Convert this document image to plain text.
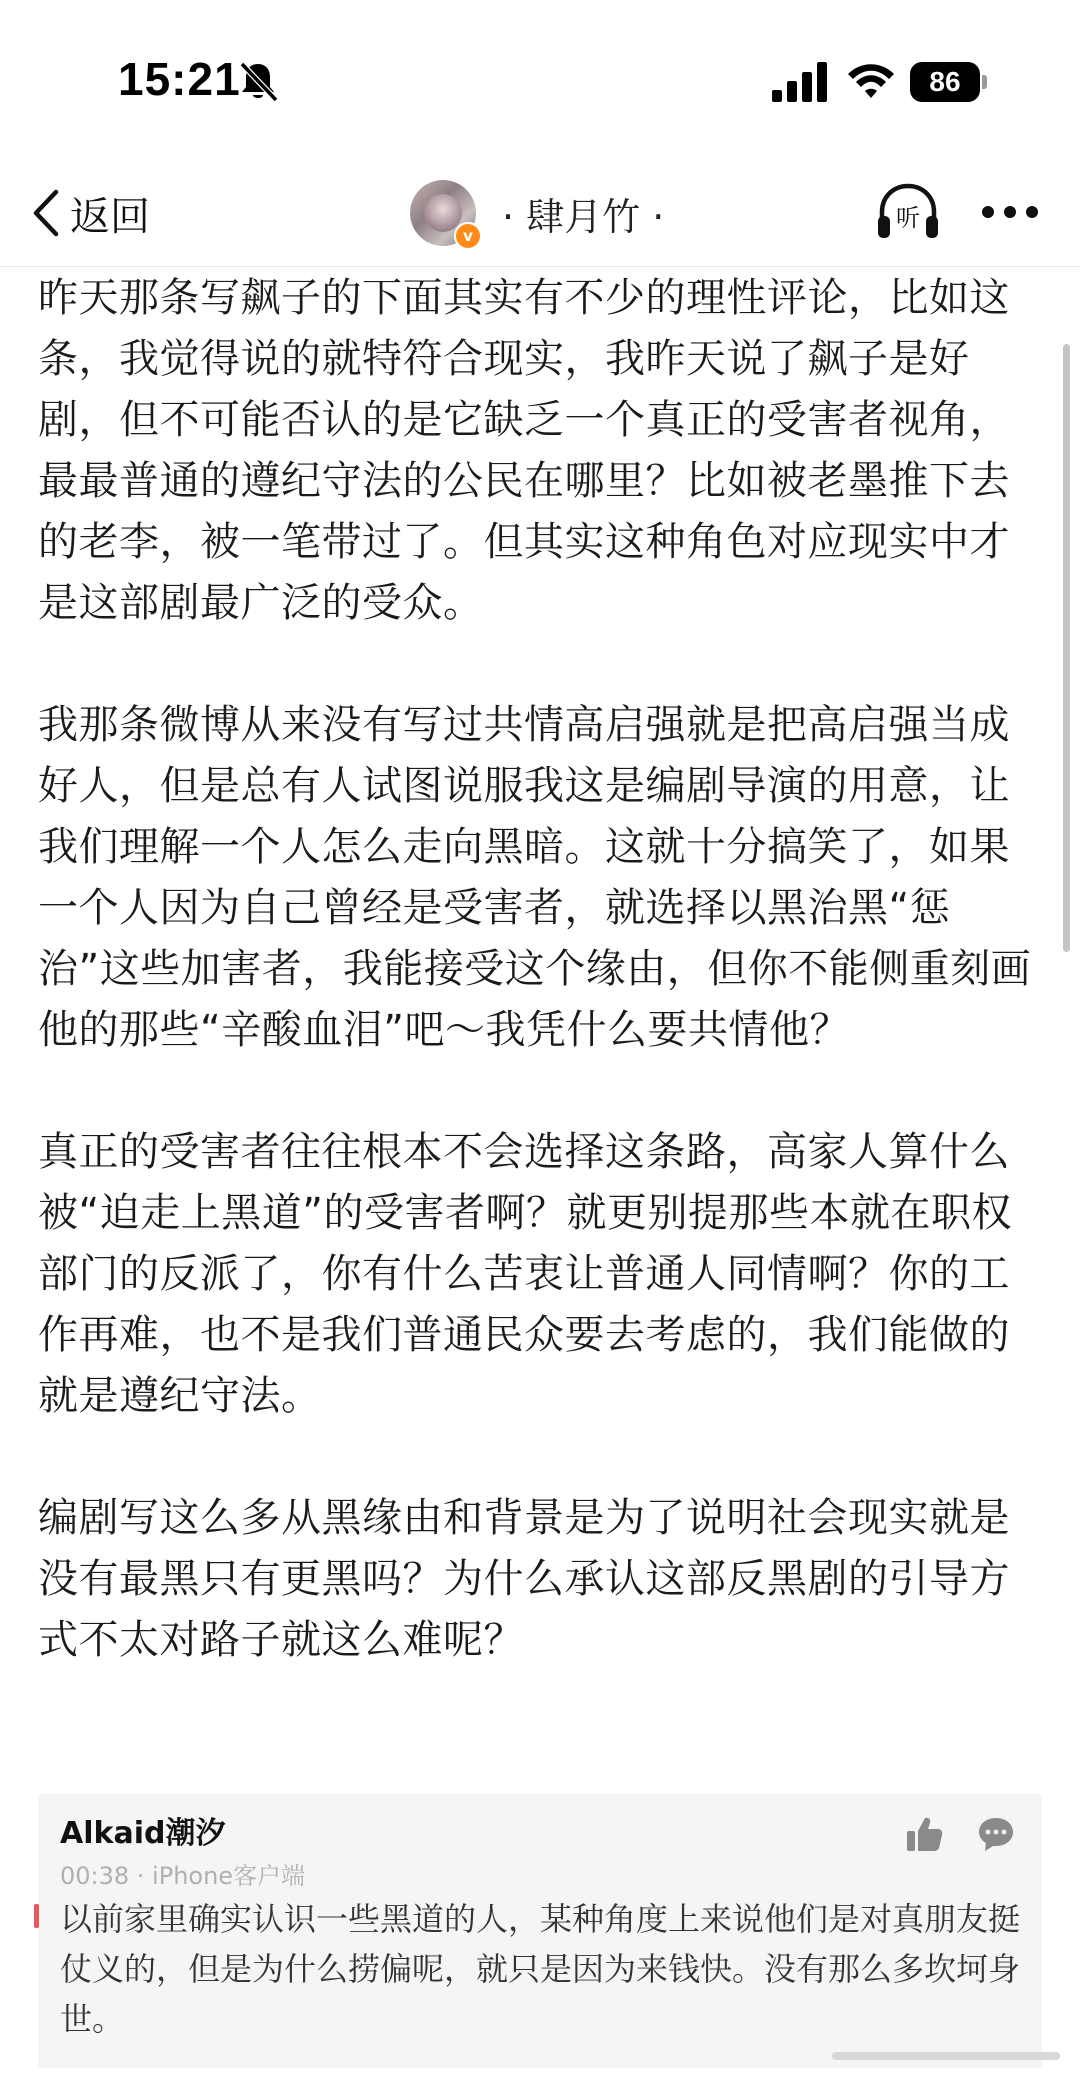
15:21	86
返回	v · 肆月竹 ·	听

昨天那条写飙子的下面其实有不少的理性评论，比如这条，我觉得说的就特符合现实，我昨天说了飙子是好剧，但不可能否认的是它缺乏一个真正的受害者视角，最最普通的遵纪守法的公民在哪里？比如被老墨推下去的老李，被一笔带过了。但其实这种角色对应现实中才是这部剧最广泛的受众。

我那条微博从来没有写过共情高启强就是把高启强当成好人，但是总有人试图说服我这是编剧导演的用意，让我们理解一个人怎么走向黑暗。这就十分搞笑了，如果一个人因为自己曾经是受害者，就选择以黑治黑“惩治”这些加害者，我能接受这个缘由，但你不能侧重刻画他的那些“辛酸血泪”吧～我凭什么要共情他？

真正的受害者往往根本不会选择这条路，高家人算什么被“迫走上黑道”的受害者啊？就更别提那些本就在职权部门的反派了，你有什么苦衷让普通人同情啊？你的工作再难，也不是我们普通民众要去考虑的，我们能做的就是遵纪守法。

编剧写这么多从黑缘由和背景是为了说明社会现实就是没有最黑只有更黑吗？为什么承认这部反黑剧的引导方式不太对路子就这么难呢？

Alkaid潮汐
00:38 · iPhone客户端
以前家里确实认识一些黑道的人，某种角度上来说他们是对真朋友挺仗义的，但是为什么捞偏呢，就只是因为来钱快。没有那么多坎坷身世。
